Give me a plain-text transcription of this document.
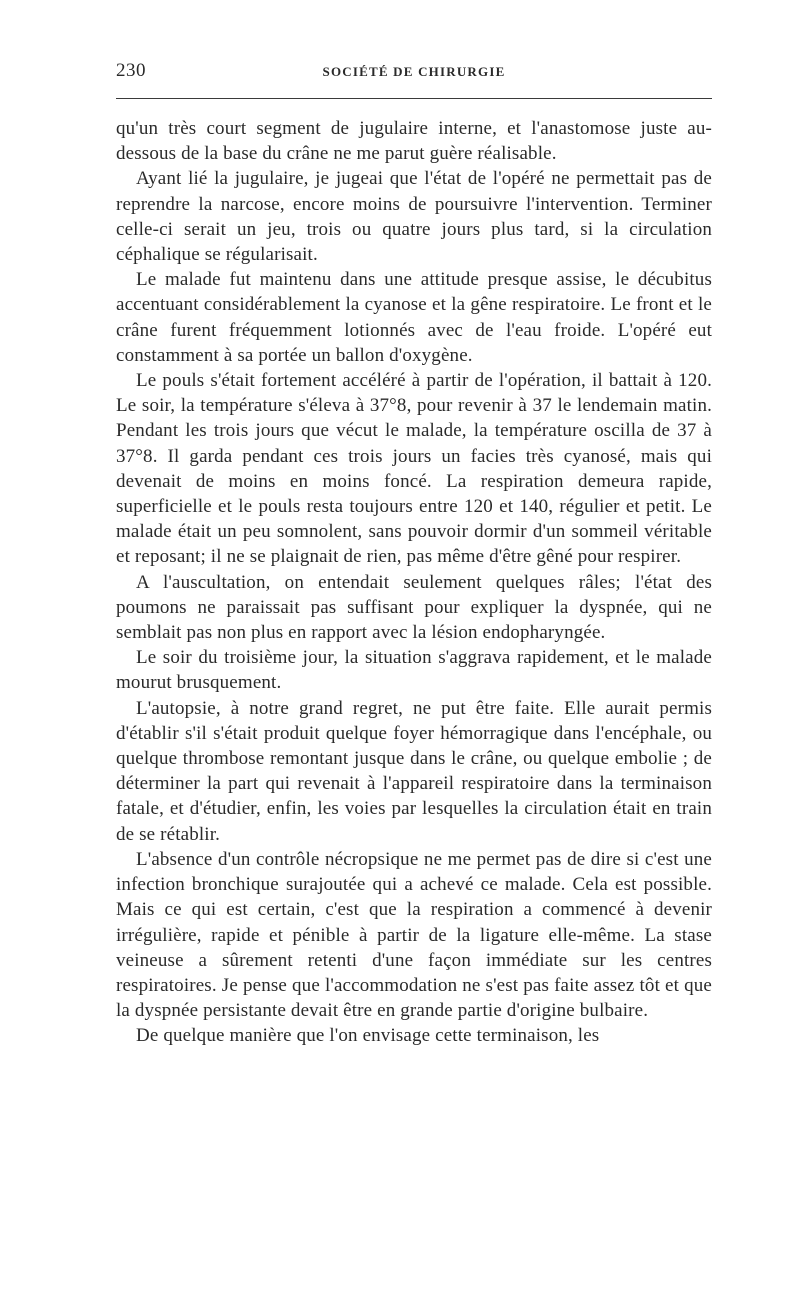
230	SOCIÉTÉ DE CHIRURGIE

qu'un très court segment de jugulaire interne, et l'anastomose juste au-dessous de la base du crâne ne me parut guère réalisable.

Ayant lié la jugulaire, je jugeai que l'état de l'opéré ne permettait pas de reprendre la narcose, encore moins de poursuivre l'intervention. Terminer celle-ci serait un jeu, trois ou quatre jours plus tard, si la circulation céphalique se régularisait.

Le malade fut maintenu dans une attitude presque assise, le décubitus accentuant considérablement la cyanose et la gêne respiratoire. Le front et le crâne furent fréquemment lotionnés avec de l'eau froide. L'opéré eut constamment à sa portée un ballon d'oxygène.

Le pouls s'était fortement accéléré à partir de l'opération, il battait à 120. Le soir, la température s'éleva à 37°8, pour revenir à 37 le lendemain matin. Pendant les trois jours que vécut le malade, la température oscilla de 37 à 37°8. Il garda pendant ces trois jours un facies très cyanosé, mais qui devenait de moins en moins foncé. La respiration demeura rapide, superficielle et le pouls resta toujours entre 120 et 140, régulier et petit. Le malade était un peu somnolent, sans pouvoir dormir d'un sommeil véritable et reposant; il ne se plaignait de rien, pas même d'être gêné pour respirer.

A l'auscultation, on entendait seulement quelques râles; l'état des poumons ne paraissait pas suffisant pour expliquer la dyspnée, qui ne semblait pas non plus en rapport avec la lésion endopharyngée.

Le soir du troisième jour, la situation s'aggrava rapidement, et le malade mourut brusquement.

L'autopsie, à notre grand regret, ne put être faite. Elle aurait permis d'établir s'il s'était produit quelque foyer hémorragique dans l'encéphale, ou quelque thrombose remontant jusque dans le crâne, ou quelque embolie ; de déterminer la part qui revenait à l'appareil respiratoire dans la terminaison fatale, et d'étudier, enfin, les voies par lesquelles la circulation était en train de se rétablir.

L'absence d'un contrôle nécropsique ne me permet pas de dire si c'est une infection bronchique surajoutée qui a achevé ce malade. Cela est possible. Mais ce qui est certain, c'est que la respiration a commencé à devenir irrégulière, rapide et pénible à partir de la ligature elle-même. La stase veineuse a sûrement retenti d'une façon immédiate sur les centres respiratoires. Je pense que l'accommodation ne s'est pas faite assez tôt et que la dyspnée persistante devait être en grande partie d'origine bulbaire.

De quelque manière que l'on envisage cette terminaison, les
